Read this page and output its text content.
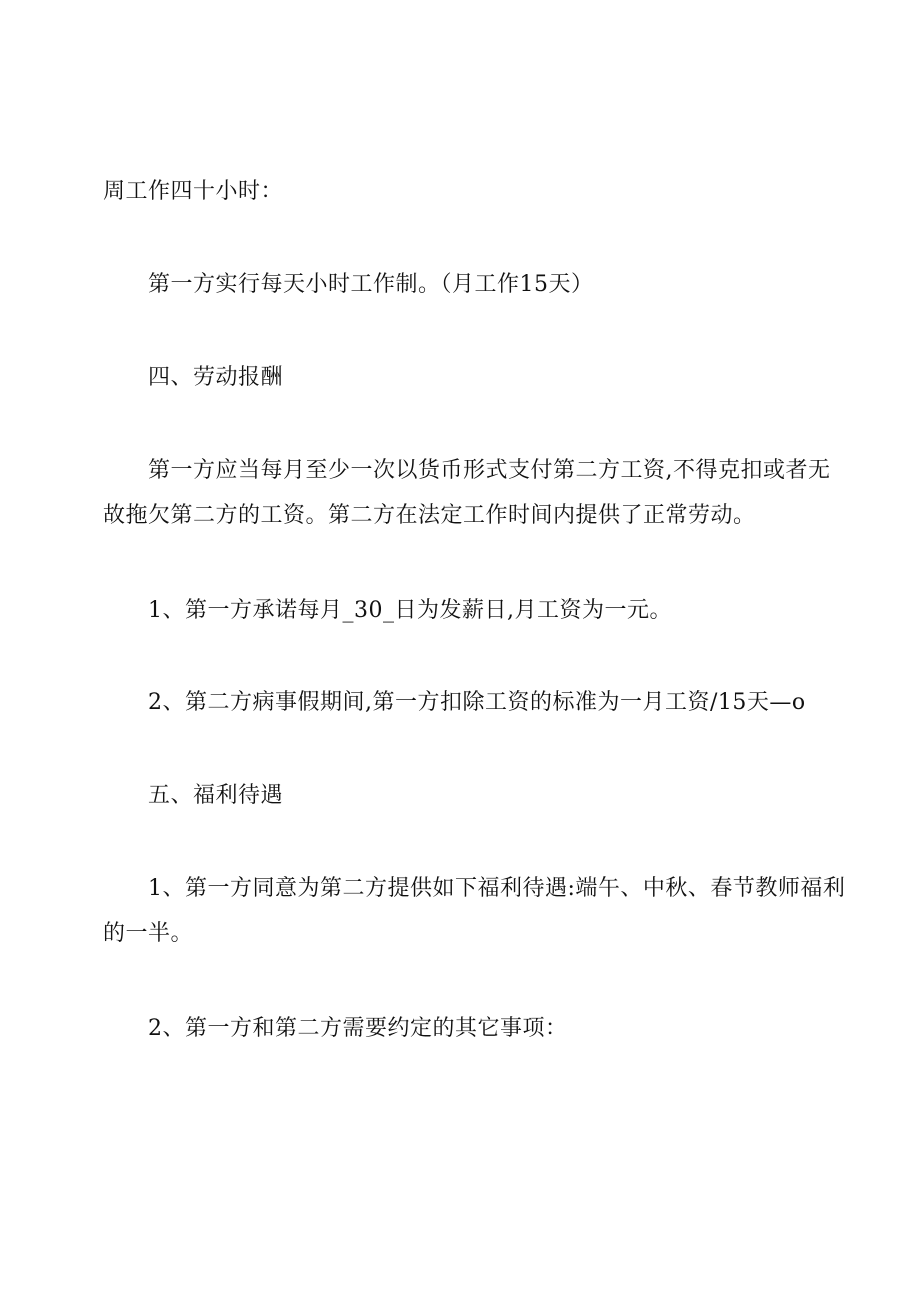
周工作四十小时：

第一方实行每天小时工作制。（月工作15天）

四、劳动报酬

第一方应当每月至少一次以货币形式支付第二方工资,不得克扣或者无
故拖欠第二方的工资。第二方在法定工作时间内提供了正常劳动。

1、第一方承诺每月_30_日为发薪日,月工资为一元。

2、第二方病事假期间,第一方扣除工资的标准为一月工资/15天—o

五、福利待遇

1、第一方同意为第二方提供如下福利待遇:端午、中秋、春节教师福利
的一半。

2、第一方和第二方需要约定的其它事项：
